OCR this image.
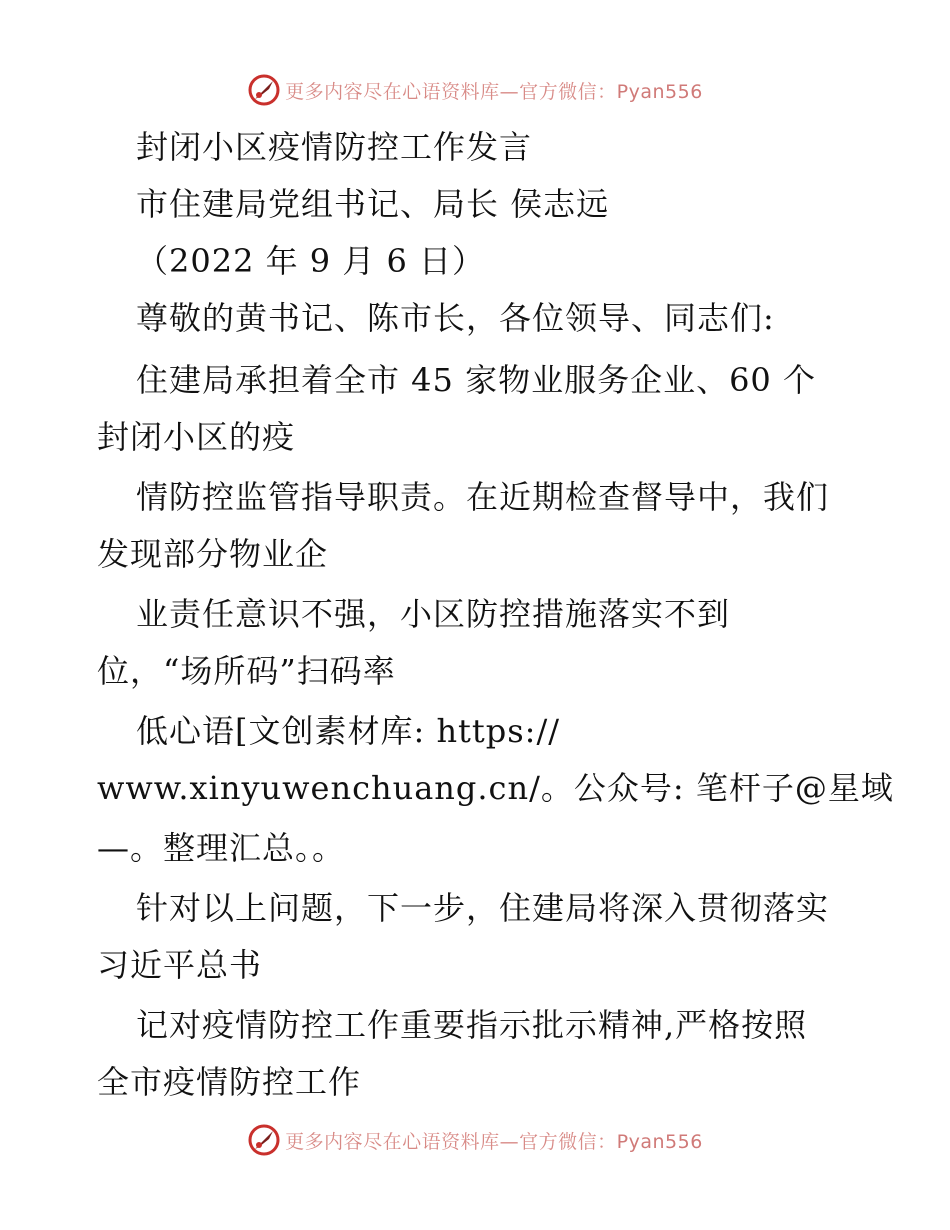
更多内容尽在心语资料库—官方微信：Pyan556
封闭小区疫情防控工作发言
市住建局党组书记、局长 侯志远
（2022 年 9 月 6 日）
尊敬的黄书记、陈市长，各位领导、同志们:
住建局承担着全市 45 家物业服务企业、60 个
封闭小区的疫
情防控监管指导职责。在近期检查督导中，我们
发现部分物业企
业责任意识不强，小区防控措施落实不到
位，“场所码”扫码率
低心语[文创素材库: https://
www.xinyuwenchuang.cn/。公众号: 笔杆子@星域
—。整理汇总。。
针对以上问题，下一步，住建局将深入贯彻落实
习近平总书
记对疫情防控工作重要指示批示精神,严格按照
全市疫情防控工作
更多内容尽在心语资料库—官方微信：Pyan556
